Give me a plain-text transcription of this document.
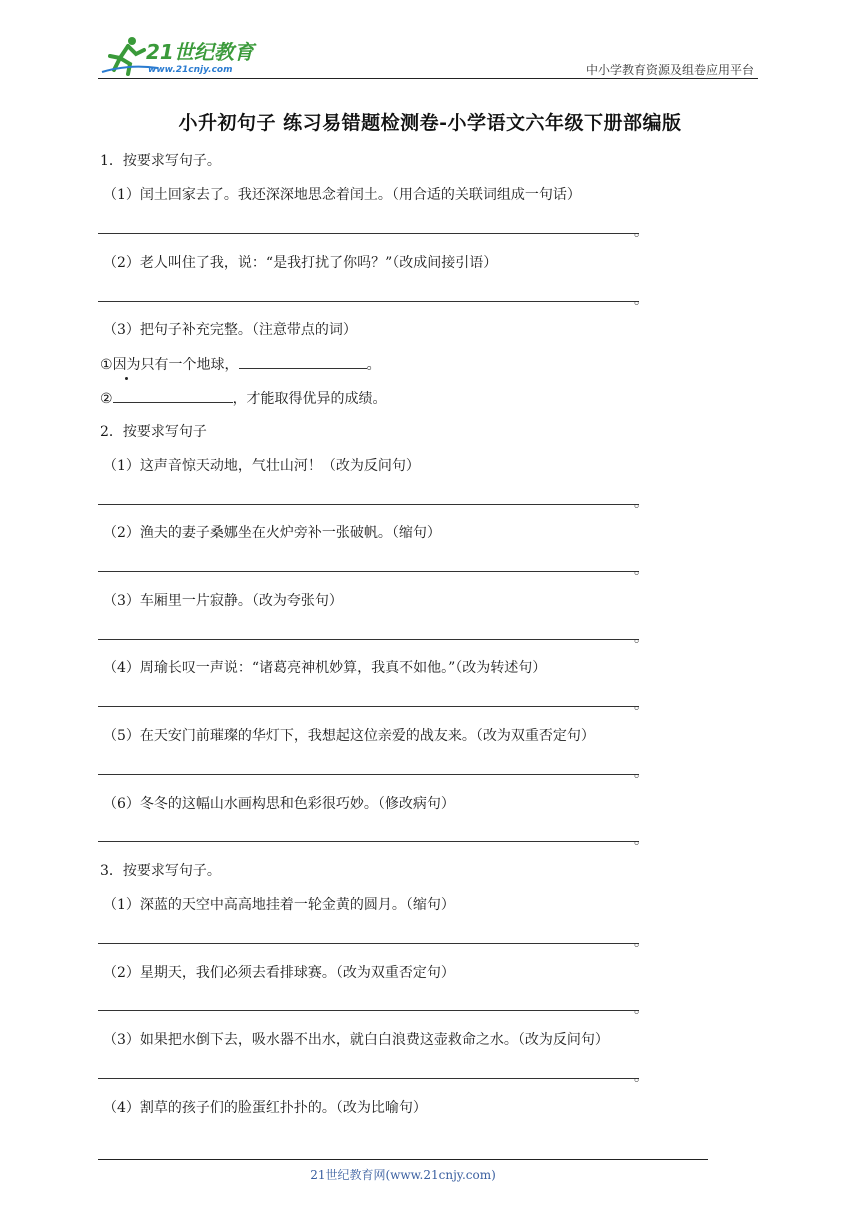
21世纪教育
www.21cnjy.com	中小学教育资源及组卷应用平台
小升初句子 练习易错题检测卷-小学语文六年级下册部编版
1．按要求写句子。
（1）闰土回家去了。我还深深地思念着闰土。（用合适的关联词组成一句话）
。
（2）老人叫住了我，说：“是我打扰了你吗？”（改成间接引语）
。
（3）把句子补充完整。（注意带点的词）
①因为只有一个地球，	。
②	，才能取得优异的成绩。
2．按要求写句子
（1）这声音惊天动地，气壮山河！（改为反问句）
。
（2）渔夫的妻子桑娜坐在火炉旁补一张破帆。（缩句）
。
（3）车厢里一片寂静。（改为夸张句）
。
（4）周瑜长叹一声说：“诸葛亮神机妙算，我真不如他。”（改为转述句）
。
（5）在天安门前璀璨的华灯下，我想起这位亲爱的战友来。（改为双重否定句）
。
（6）冬冬的这幅山水画构思和色彩很巧妙。（修改病句）
。
3．按要求写句子。
（1）深蓝的天空中高高地挂着一轮金黄的圆月。（缩句）
。
（2）星期天，我们必须去看排球赛。（改为双重否定句）
。
（3）如果把水倒下去，吸水器不出水，就白白浪费这壶救命之水。（改为反问句）
。
（4）割草的孩子们的脸蛋红扑扑的。（改为比喻句）
21世纪教育网(www.21cnjy.com)
